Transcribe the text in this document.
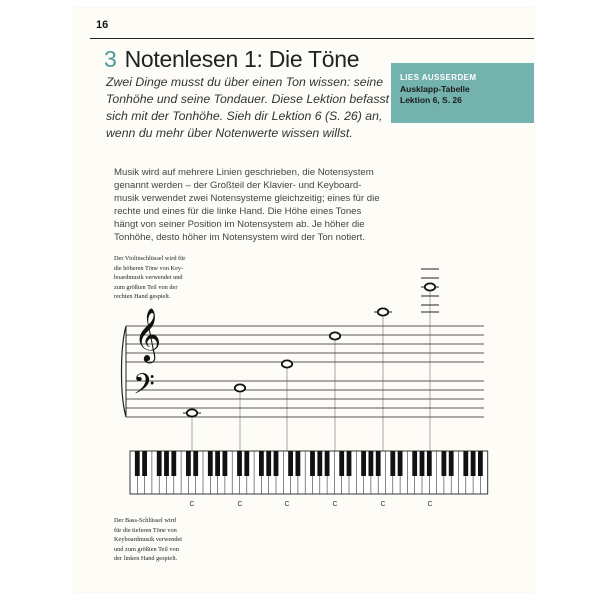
16
3 Notenlesen 1: Die Töne
LIES AUSSERDEM
Ausklapp-Tabelle
Lektion 6, S. 26

Zwei Dinge musst du über einen Ton wissen: seine

Tonhöhe und seine Tondauer. Diese Lektion befasst

sich mit der Tonhöhe. Sieh dir Lektion 6 (S. 26) an,

wenn du mehr über Notenwerte wissen willst.

Musik wird auf mehrere Linien geschrieben, die Notensystem

genannt werden – der Großteil der Klavier- und Keyboard-

musik verwendet zwei Notensysteme gleichzeitig; eines für die

rechte und eines für die linke Hand. Die Höhe eines Tones

hängt von seiner Position im Notensystem ab. Je höher die

Tonhöhe, desto höher im Notensystem wird der Ton notiert.

Der Violinschlüssel wird für

die höheren Töne von Key-

boardmusik verwendet und

zum größten Teil von der

rechten Hand gespielt.

Der Bass-Schlüssel wird

für die tieferen Töne von

Keyboardmusik verwendet

und zum größten Teil von

der linken Hand gespielt.

𝄞
𝄢
C	C	C	C	C	C
